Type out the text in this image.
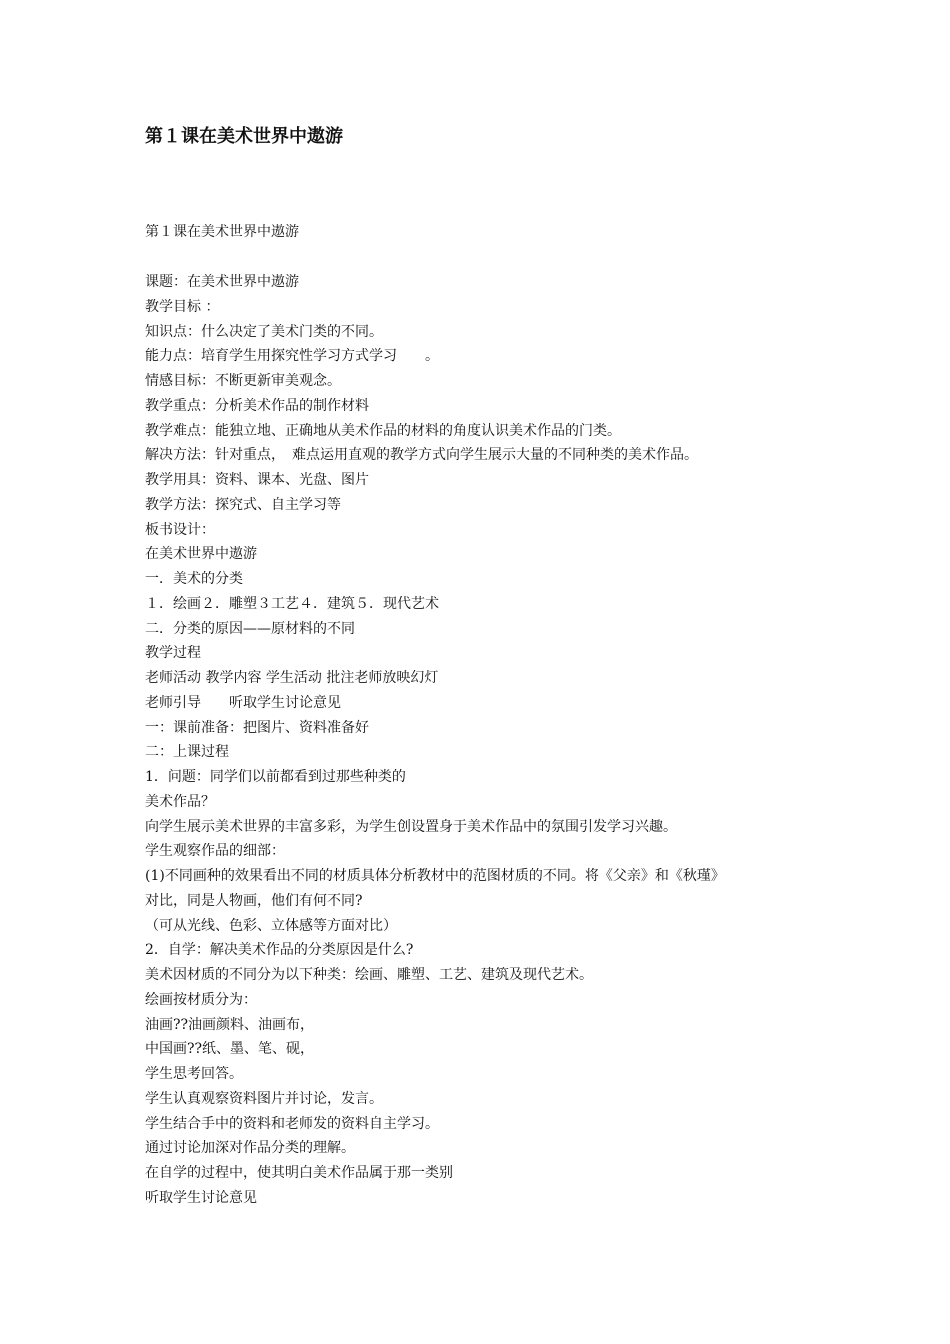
第１课在美术世界中遨游

第１课在美术世界中遨游

课题：在美术世界中遨游
教学目标 ：
知识点：什么决定了美术门类的不同。
能力点：培育学生用探究性学习方式学习　　。
情感目标：不断更新审美观念。
教学重点：分析美术作品的制作材料
教学难点：能独立地、正确地从美术作品的材料的角度认识美术作品的门类。
解决方法：针对重点，　难点运用直观的教学方式向学生展示大量的不同种类的美术作品。
教学用具：资料、课本、光盘、图片
教学方法：探究式、自主学习等
板书设计：
在美术世界中遨游
一．美术的分类
１．绘画２．雕塑３工艺４．建筑５．现代艺术
二．分类的原因——原材料的不同
教学过程
老师活动 教学内容 学生活动 批注老师放映幻灯
老师引导　　听取学生讨论意见
一：课前准备：把图片、资料准备好
二：上课过程
1．问题：同学们以前都看到过那些种类的
美术作品？
向学生展示美术世界的丰富多彩，为学生创设置身于美术作品中的氛围引发学习兴趣。
学生观察作品的细部：
(1)不同画种的效果看出不同的材质具体分析教材中的范图材质的不同。将《父亲》和《秋瑾》
对比，同是人物画，他们有何不同?
（可从光线、色彩、立体感等方面对比）
2．自学：解决美术作品的分类原因是什么?
美术因材质的不同分为以下种类：绘画、雕塑、工艺、建筑及现代艺术。
绘画按材质分为：
油画??油画颜料、油画布，
中国画??纸、墨、笔、砚，
学生思考回答。
学生认真观察资料图片并讨论，发言。
学生结合手中的资料和老师发的资料自主学习。
通过讨论加深对作品分类的理解。
在自学的过程中，使其明白美术作品属于那一类别
听取学生讨论意见
